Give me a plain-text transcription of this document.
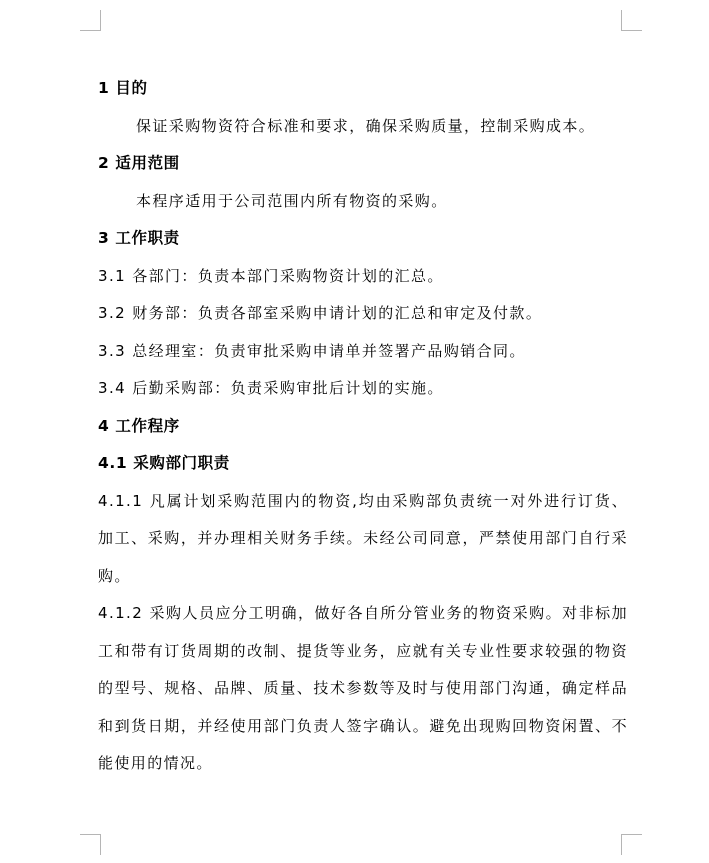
1 目的

保证采购物资符合标准和要求，确保采购质量，控制采购成本。

2 适用范围

本程序适用于公司范围内所有物资的采购。

3 工作职责

3.1 各部门：负责本部门采购物资计划的汇总。

3.2 财务部：负责各部室采购申请计划的汇总和审定及付款。

3.3 总经理室：负责审批采购申请单并签署产品购销合同。

3.4 后勤采购部：负责采购审批后计划的实施。

4 工作程序
4.1 采购部门职责

4.1.1 凡属计划采购范围内的物资,均由采购部负责统一对外进行订货、加工、采购，并办理相关财务手续。未经公司同意，严禁使用部门自行采购。

4.1.2 采购人员应分工明确，做好各自所分管业务的物资采购。对非标加工和带有订货周期的改制、提货等业务，应就有关专业性要求较强的物资的型号、规格、品牌、质量、技术参数等及时与使用部门沟通，确定样品和到货日期，并经使用部门负责人签字确认。避免出现购回物资闲置、不能使用的情况。
